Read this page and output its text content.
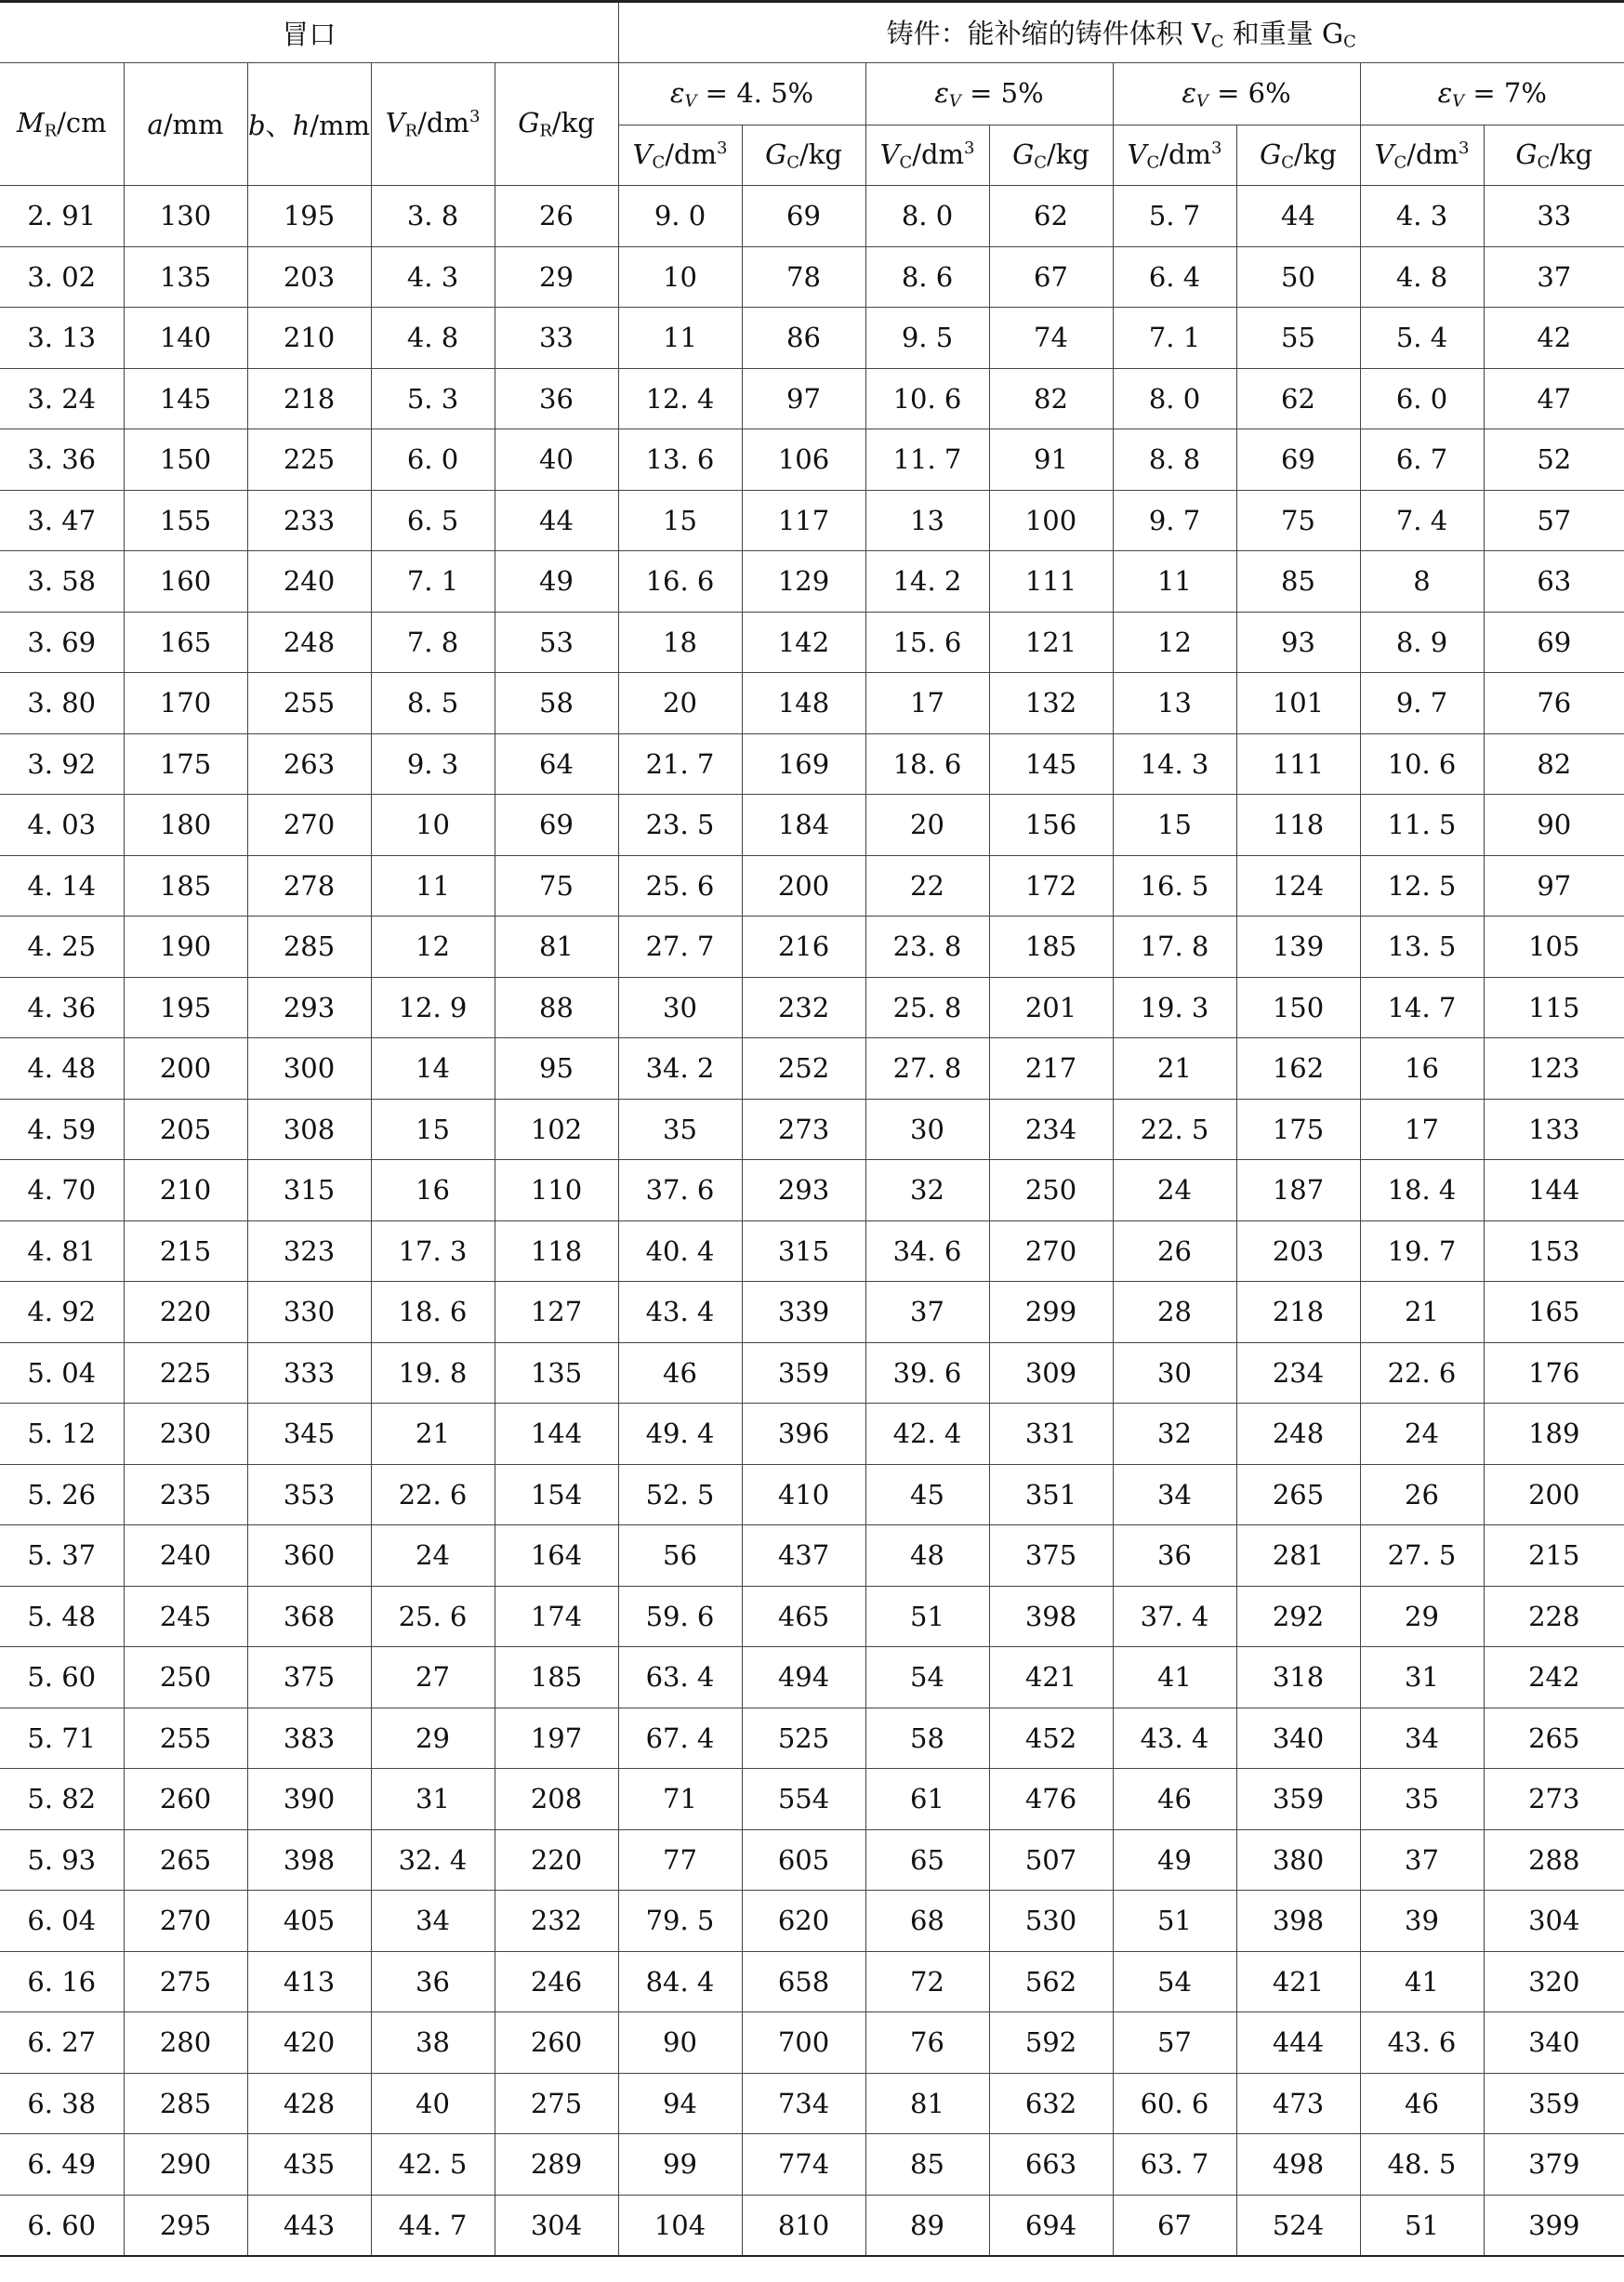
冒口					铸件：能补缩的铸件体积 $V_C$ 和重量 $G_C$
$M_R/cm$	a/mm	b、h/mm	$V_R/dm^3$	$G_R/kg$	$\varepsilon_V = 4$. 5%		$\varepsilon_V = 5\%$		$\varepsilon_V = 6\%$		$\varepsilon_V = 7\%$	
					$V_C/dm^3$	$G_C/kg$	$V_C/dm^3$	$G_C/kg$	$V_C/dm^3$	$G_C/kg$	$V_C/dm^3$	$G_C/kg$
2. 91	130	195	3. 8	26	9. 0	69	8. 0	62	5. 7	44	4. 3	33
3. 02	135	203	4. 3	29	10	78	8. 6	67	6. 4	50	4. 8	37
3. 13	140	210	4. 8	33	11	86	9. 5	74	7. 1	55	5. 4	42
3. 24	145	218	5. 3	36	12. 4	97	10. 6	82	8. 0	62	6. 0	47
3. 36	150	225	6. 0	40	13. 6	106	11. 7	91	8. 8	69	6. 7	52
3. 47	155	233	6. 5	44	15	117	13	100	9. 7	75	7. 4	57
3. 58	160	240	7. 1	49	16. 6	129	14. 2	111	11	85	8	63
3. 69	165	248	7. 8	53	18	142	15. 6	121	12	93	8. 9	69
3. 80	170	255	8. 5	58	20	148	17	132	13	101	9. 7	76
3. 92	175	263	9. 3	64	21. 7	169	18. 6	145	14. 3	111	10. 6	82
4. 03	180	270	10	69	23. 5	184	20	156	15	118	11. 5	90
4. 14	185	278	11	75	25. 6	200	22	172	16. 5	124	12. 5	97
4. 25	190	285	12	81	27. 7	216	23. 8	185	17. 8	139	13. 5	105
4. 36	195	293	12. 9	88	30	232	25. 8	201	19. 3	150	14. 7	115
4. 48	200	300	14	95	34. 2	252	27. 8	217	21	162	16	123
4. 59	205	308	15	102	35	273	30	234	22. 5	175	17	133
4. 70	210	315	16	110	37. 6	293	32	250	24	187	18. 4	144
4. 81	215	323	17. 3	118	40. 4	315	34. 6	270	26	203	19. 7	153
4. 92	220	330	18. 6	127	43. 4	339	37	299	28	218	21	165
5. 04	225	333	19. 8	135	46	359	39. 6	309	30	234	22. 6	176
5. 12	230	345	21	144	49. 4	396	42. 4	331	32	248	24	189
5. 26	235	353	22. 6	154	52. 5	410	45	351	34	265	26	200
5. 37	240	360	24	164	56	437	48	375	36	281	27. 5	215
5. 48	245	368	25. 6	174	59. 6	465	51	398	37. 4	292	29	228
5. 60	250	375	27	185	63. 4	494	54	421	41	318	31	242
5. 71	255	383	29	197	67. 4	525	58	452	43. 4	340	34	265
5. 82	260	390	31	208	71	554	61	476	46	359	35	273
5. 93	265	398	32. 4	220	77	605	65	507	49	380	37	288
6. 04	270	405	34	232	79. 5	620	68	530	51	398	39	304
6. 16	275	413	36	246	84. 4	658	72	562	54	421	41	320
6. 27	280	420	38	260	90	700	76	592	57	444	43. 6	340
6. 38	285	428	40	275	94	734	81	632	60. 6	473	46	359
6. 49	290	435	42. 5	289	99	774	85	663	63. 7	498	48. 5	379
6. 60	295	443	44. 7	304	104	810	89	694	67	524	51	399
